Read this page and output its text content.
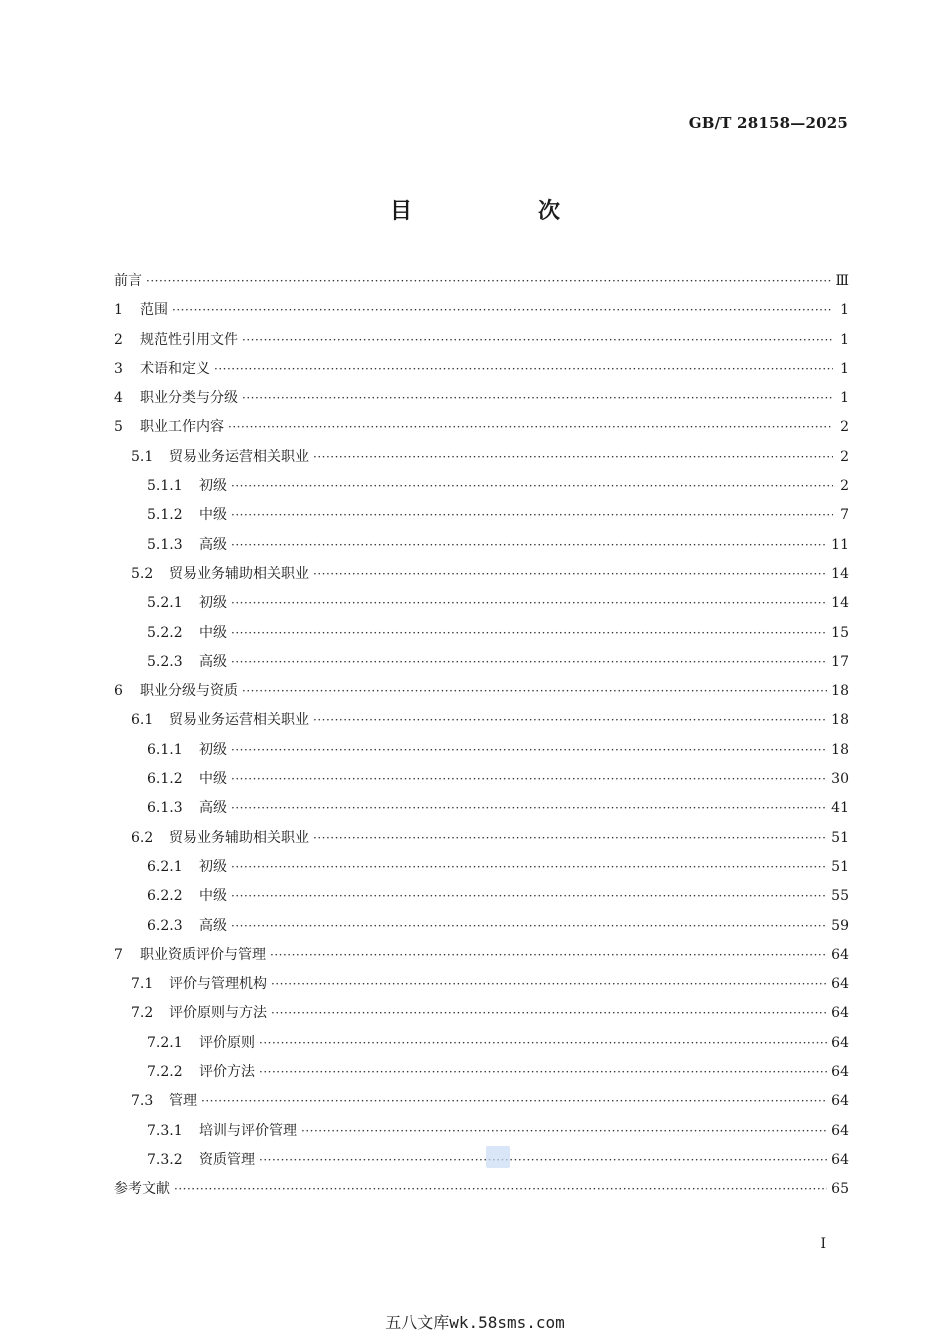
GB/T 28158—2025
目　次
前言 ·····	Ⅲ
1	范围 ·····	1
2	规范性引用文件 ·····	1
3	术语和定义 ·····	1
4	职业分类与分级 ·····	1
5	职业工作内容 ·····	2
5.1	贸易业务运营相关职业 ·····	2
5.1.1	初级 ·····	2
5.1.2	中级 ·····	7
5.1.3	高级 ·····	11
5.2	贸易业务辅助相关职业 ·····	14
5.2.1	初级 ·····	14
5.2.2	中级 ·····	15
5.2.3	高级 ·····	17
6	职业分级与资质 ·····	18
6.1	贸易业务运营相关职业 ·····	18
6.1.1	初级 ·····	18
6.1.2	中级 ·····	30
6.1.3	高级 ·····	41
6.2	贸易业务辅助相关职业 ·····	51
6.2.1	初级 ·····	51
6.2.2	中级 ·····	55
6.2.3	高级 ·····	59
7	职业资质评价与管理 ·····	64
7.1	评价与管理机构 ·····	64
7.2	评价原则与方法 ·····	64
7.2.1	评价原则 ·····	64
7.2.2	评价方法 ·····	64
7.3	管理 ·····	64
7.3.1	培训与评价管理 ·····	64
7.3.2	资质管理 ·····	64
参考文献 ·····	65
I
五八文库wk.58sms.com
